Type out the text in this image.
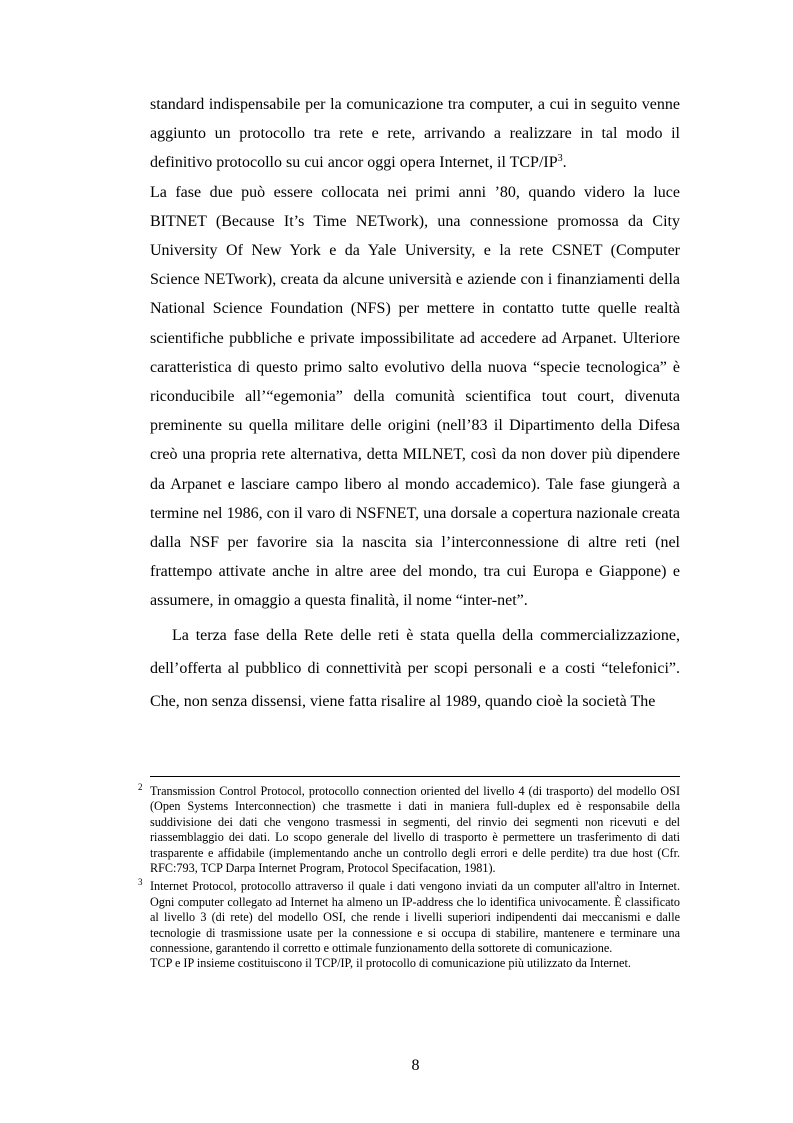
standard indispensabile per la comunicazione tra computer, a cui in seguito venne aggiunto un protocollo tra rete e rete, arrivando a realizzare in tal modo il definitivo protocollo su cui ancor oggi opera Internet, il TCP/$IP^3$.

La fase due può essere collocata nei primi anni ’80, quando videro la luce BITNET (Because It’s Time NETwork), una connessione promossa da City University Of New York e da Yale University, e la rete CSNET (Computer Science NETwork), creata da alcune università e aziende con i finanziamenti della National Science Foundation (NFS) per mettere in contatto tutte quelle realtà scientifiche pubbliche e private impossibilitate ad accedere ad Arpanet. Ulteriore caratteristica di questo primo salto evolutivo della nuova “specie tecnologica” è riconducibile all’“egemonia” della comunità scientifica tout court, divenuta preminente su quella militare delle origini (nell’83 il Dipartimento della Difesa creò una propria rete alternativa, detta MILNET, così da non dover più dipendere da Arpanet e lasciare campo libero al mondo accademico). Tale fase giungerà a termine nel 1986, con il varo di NSFNET, una dorsale a copertura nazionale creata dalla NSF per favorire sia la nascita sia l’interconnessione di altre reti (nel frattempo attivate anche in altre aree del mondo, tra cui Europa e Giappone) e assumere, in omaggio a questa finalità, il nome “inter-net”.

La terza fase della Rete delle reti è stata quella della commercializzazione, dell’offerta al pubblico di connettività per scopi personali e a costi “telefonici”. Che, non senza dissensi, viene fatta risalire al 1989, quando cioè la società The

2 Transmission Control Protocol, protocollo connection oriented del livello 4 (di trasporto) del modello OSI (Open Systems Interconnection) che trasmette i dati in maniera full-duplex ed è responsabile della suddivisione dei dati che vengono trasmessi in segmenti, del rinvio dei segmenti non ricevuti e del riassemblaggio dei dati. Lo scopo generale del livello di trasporto è permettere un trasferimento di dati trasparente e affidabile (implementando anche un controllo degli errori e delle perdite) tra due host (Cfr. RFC:793, TCP Darpa Internet Program, Protocol Specifacation, 1981).
3 Internet Protocol, protocollo attraverso il quale i dati vengono inviati da un computer all'altro in Internet. Ogni computer collegato ad Internet ha almeno un IP-address che lo identifica univocamente. È classificato al livello 3 (di rete) del modello OSI, che rende i livelli superiori indipendenti dai meccanismi e dalle tecnologie di trasmissione usate per la connessione e si occupa di stabilire, mantenere e terminare una connessione, garantendo il corretto e ottimale funzionamento della sottorete di comunicazione.

TCP e IP insieme costituiscono il TCP/IP, il protocollo di comunicazione più utilizzato da Internet.

8
